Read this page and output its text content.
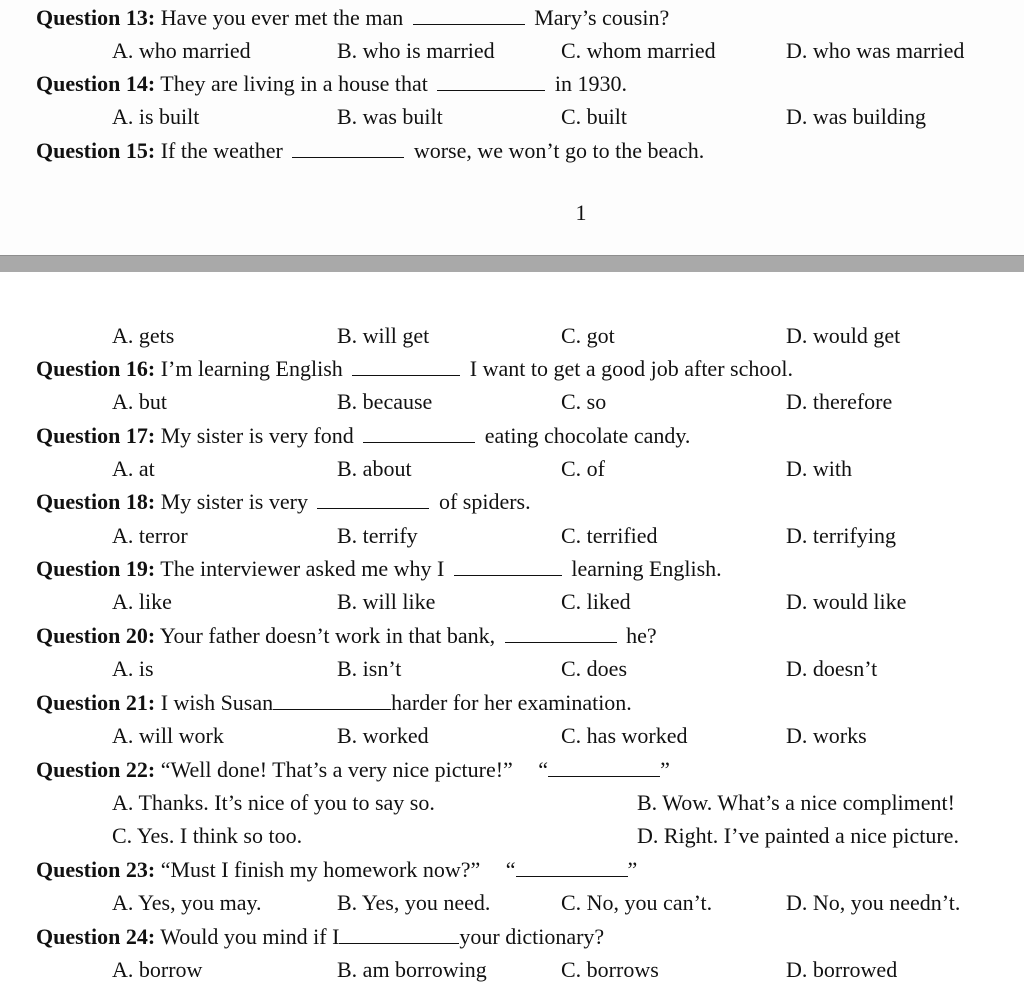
Question 13: Have you ever met the man	Mary’s cousin?
A. who married	B. who is married	C. whom married	D. who was married
Question 14: They are living in a house that	in 1930.
A. is built	B. was built	C. built	D. was building
Question 15: If the weather	worse, we won’t go to the beach.
1
A. gets	B. will get	C. got	D. would get
Question 16: I’m learning English	I want to get a good job after school.
A. but	B. because	C. so	D. therefore
Question 17: My sister is very fond	eating chocolate candy.
A. at	B. about	C. of	D. with
Question 18: My sister is very	of spiders.
A. terror	B. terrify	C. terrified	D. terrifying
Question 19: The interviewer asked me why I	learning English.
A. like	B. will like	C. liked	D. would like
Question 20: Your father doesn’t work in that bank,	he?
A. is	B. isn’t	C. does	D. doesn’t
Question 21: I wish Susan	harder for her examination.
A. will work	B. worked	C. has worked	D. works
Question 22: “Well done! That’s a very nice picture!” “	”
A. Thanks. It’s nice of you to say so.	B. Wow. What’s a nice compliment!
C. Yes. I think so too.	D. Right. I’ve painted a nice picture.
Question 23: “Must I finish my homework now?” “	”
A. Yes, you may.	B. Yes, you need.	C. No, you can’t.	D. No, you needn’t.
Question 24: Would you mind if I	your dictionary?
A. borrow	B. am borrowing	C. borrows	D. borrowed
